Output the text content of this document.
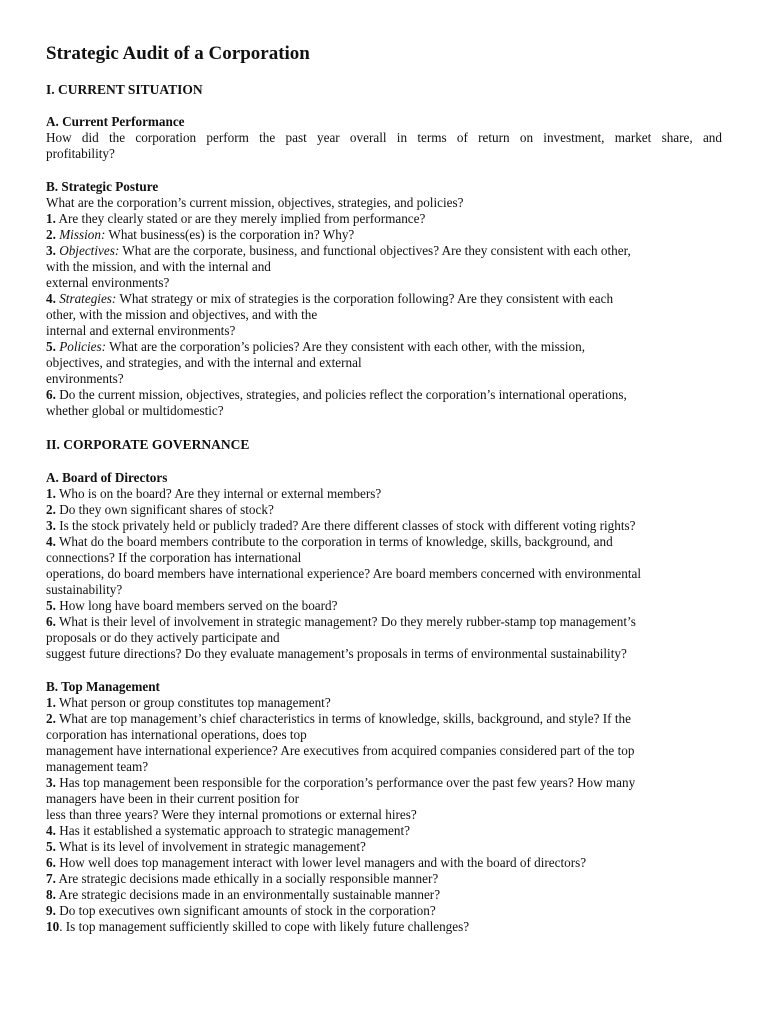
Strategic Audit of a Corporation
I. CURRENT SITUATION

A. Current Performance

How did the corporation perform the past year overall in terms of return on investment, market share, and

profitability?

B. Strategic Posture

What are the corporation’s current mission, objectives, strategies, and policies?

1. Are they clearly stated or are they merely implied from performance?

2. Mission: What business(es) is the corporation in? Why?

3. Objectives: What are the corporate, business, and functional objectives? Are they consistent with each other,

with the mission, and with the internal and

external environments?

4. Strategies: What strategy or mix of strategies is the corporation following? Are they consistent with each

other, with the mission and objectives, and with the

internal and external environments?

5. Policies: What are the corporation’s policies? Are they consistent with each other, with the mission,

objectives, and strategies, and with the internal and external

environments?

6. Do the current mission, objectives, strategies, and policies reflect the corporation’s international operations,

whether global or multidomestic?

II. CORPORATE GOVERNANCE

A. Board of Directors

1. Who is on the board? Are they internal or external members?

2. Do they own significant shares of stock?

3. Is the stock privately held or publicly traded? Are there different classes of stock with different voting rights?

4. What do the board members contribute to the corporation in terms of knowledge, skills, background, and

connections? If the corporation has international

operations, do board members have international experience? Are board members concerned with environmental

sustainability?

5. How long have board members served on the board?

6. What is their level of involvement in strategic management? Do they merely rubber-stamp top management’s

proposals or do they actively participate and

suggest future directions? Do they evaluate management’s proposals in terms of environmental sustainability?

B. Top Management

1. What person or group constitutes top management?

2. What are top management’s chief characteristics in terms of knowledge, skills, background, and style? If the

corporation has international operations, does top

management have international experience? Are executives from acquired companies considered part of the top

management team?

3. Has top management been responsible for the corporation’s performance over the past few years? How many

managers have been in their current position for

less than three years? Were they internal promotions or external hires?

4. Has it established a systematic approach to strategic management?

5. What is its level of involvement in strategic management?

6. How well does top management interact with lower level managers and with the board of directors?

7. Are strategic decisions made ethically in a socially responsible manner?

8. Are strategic decisions made in an environmentally sustainable manner?

9. Do top executives own significant amounts of stock in the corporation?

10. Is top management sufficiently skilled to cope with likely future challenges?
